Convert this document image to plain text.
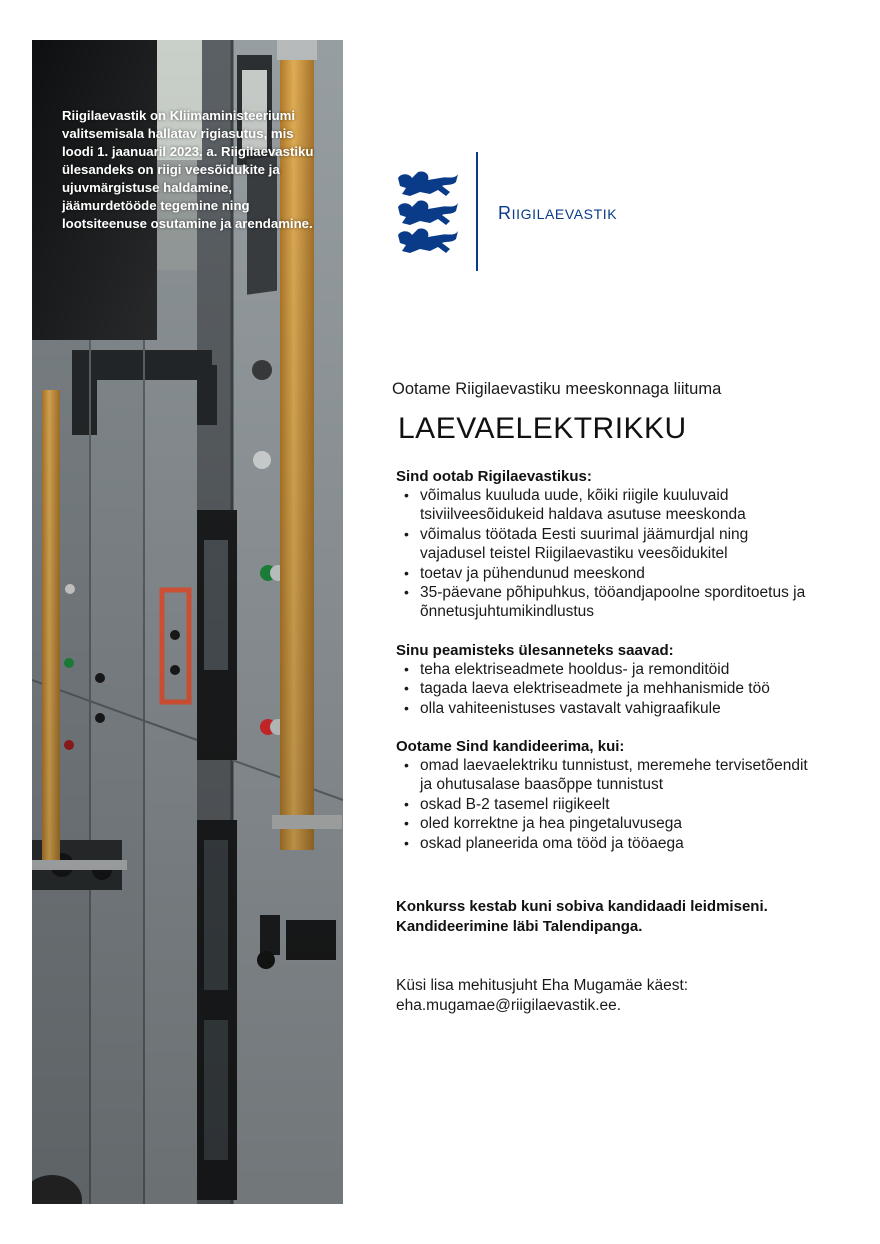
Riigilaevastik on Kliimaministeeriumi valitsemisala hallatav rigiasutus, mis loodi 1. jaanuaril 2023. a. Riigilaevastiku ülesandeks on riigi veesõidukite ja ujuvmärgistuse haldamine, jäämurdetööde tegemine ning lootsiteenuse osutamine ja arendamine.

RIIGILAEVASTIK

Ootame Riigilaevastiku meeskonnaga liituma

LAEVAELEKTRIKKU

Sind ootab Rigilaevastikus:

• võimalus kuuluda uude, kõiki riigile kuuluvaid tsiviilveesõidukeid haldava asutuse meeskonda
• võimalus töötada Eesti suurimal jäämurdjal ning vajadusel teistel Riigilaevastiku veesõidukitel
• toetav ja pühendunud meeskond
• 35-päevane põhipuhkus, tööandjapoolne sporditoetus ja õnnetusjuhtumikindlustus

Sinu peamisteks ülesanneteks saavad:

• teha elektriseadmete hooldus- ja remonditöid
• tagada laeva elektriseadmete ja mehhanismide töö
• olla vahiteenistuses vastavalt vahigraafikule

Ootame Sind kandideerima, kui:

• omad laevaelektriku tunnistust, meremehe tervisetõendit ja ohutusalase baasõppe tunnistust
• oskad B-2 tasemel riigikeelt
• oled korrektne ja hea pingetaluvusega
• oskad planeerida oma tööd ja tööaega

Konkurss kestab kuni sobiva kandidaadi leidmiseni. Kandideerimine läbi Talendipanga.

Küsi lisa mehitusjuht Eha Mugamäe käest:
eha.mugamae@riigilaevastik.ee.
